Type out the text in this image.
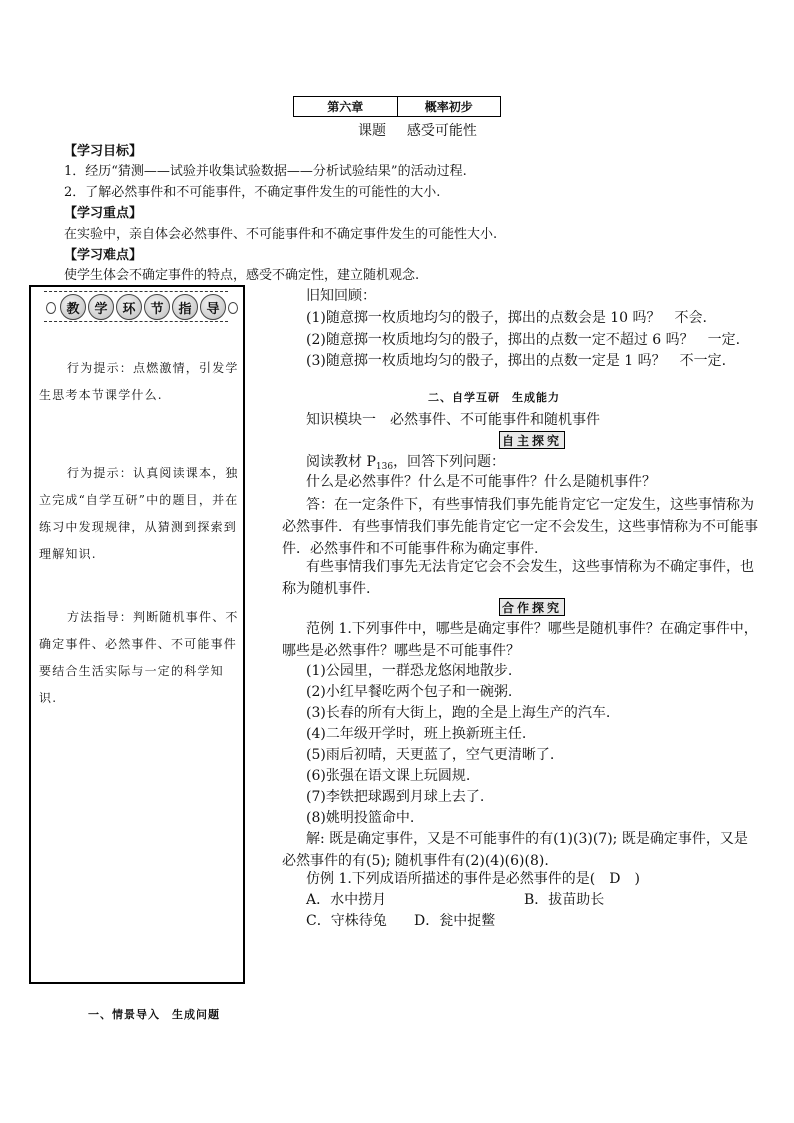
第六章	概率初步
课题 感受可能性
【学习目标】
1．经历“猜测——试验并收集试验数据——分析试验结果”的活动过程.
2．了解必然事件和不可能事件，不确定事件发生的可能性的大小.
【学习重点】
在实验中，亲自体会必然事件、不可能事件和不确定事件发生的可能性大小.
【学习难点】
使学生体会不确定事件的特点，感受不确定性，建立随机观念.
教	学	环	节	指	导
行为提示：点燃激情，引发学生思考本节课学什么.
行为提示：认真阅读课本，独立完成“自学互研”中的题目，并在练习中发现规律，从猜测到探索到理解知识.
方法指导：判断随机事件、不确定事件、必然事件、不可能事件要结合生活实际与一定的科学知识.
旧知回顾：
(1)随意掷一枚质地均匀的骰子，掷出的点数会是 10 吗？　不会.
(2)随意掷一枚质地均匀的骰子，掷出的点数一定不超过 6 吗？　一定.
(3)随意掷一枚质地均匀的骰子，掷出的点数一定是 1 吗？　不一定.
二、自学互研　生成能力
知识模块一　必然事件、不可能事件和随机事件
自主探究
阅读教材 $P_{136}$，回答下列问题：
什么是必然事件？什么是不可能事件？什么是随机事件？
答：在一定条件下，有些事情我们事先能肯定它一定发生，这些事情称为必然事件．有些事情我们事先能肯定它一定不会发生，这些事情称为不可能事件．必然事件和不可能事件称为确定事件.
有些事情我们事先无法肯定它会不会发生，这些事情称为不确定事件，也称为随机事件.
合作探究
范例 1.下列事件中，哪些是确定事件？哪些是随机事件？在确定事件中，哪些是必然事件？哪些是不可能事件？
(1)公园里，一群恐龙悠闲地散步.
(2)小红早餐吃两个包子和一碗粥.
(3)长春的所有大街上，跑的全是上海生产的汽车.
(4)二年级开学时，班上换新班主任.
(5)雨后初晴，天更蓝了，空气更清晰了.
(6)张强在语文课上玩圆规.
(7)李铁把球踢到月球上去了.
(8)姚明投篮命中.
解: 既是确定事件，又是不可能事件的有(1)(3)(7); 既是确定事件，又是必然事件的有(5); 随机事件有(2)(4)(6)(8).
仿例 1.下列成语所描述的事件是必然事件的是(　D　)
A．水中捞月	B．拔苗助长
C．守株待兔 D．瓮中捉鳖
一、情景导入　生成问题
